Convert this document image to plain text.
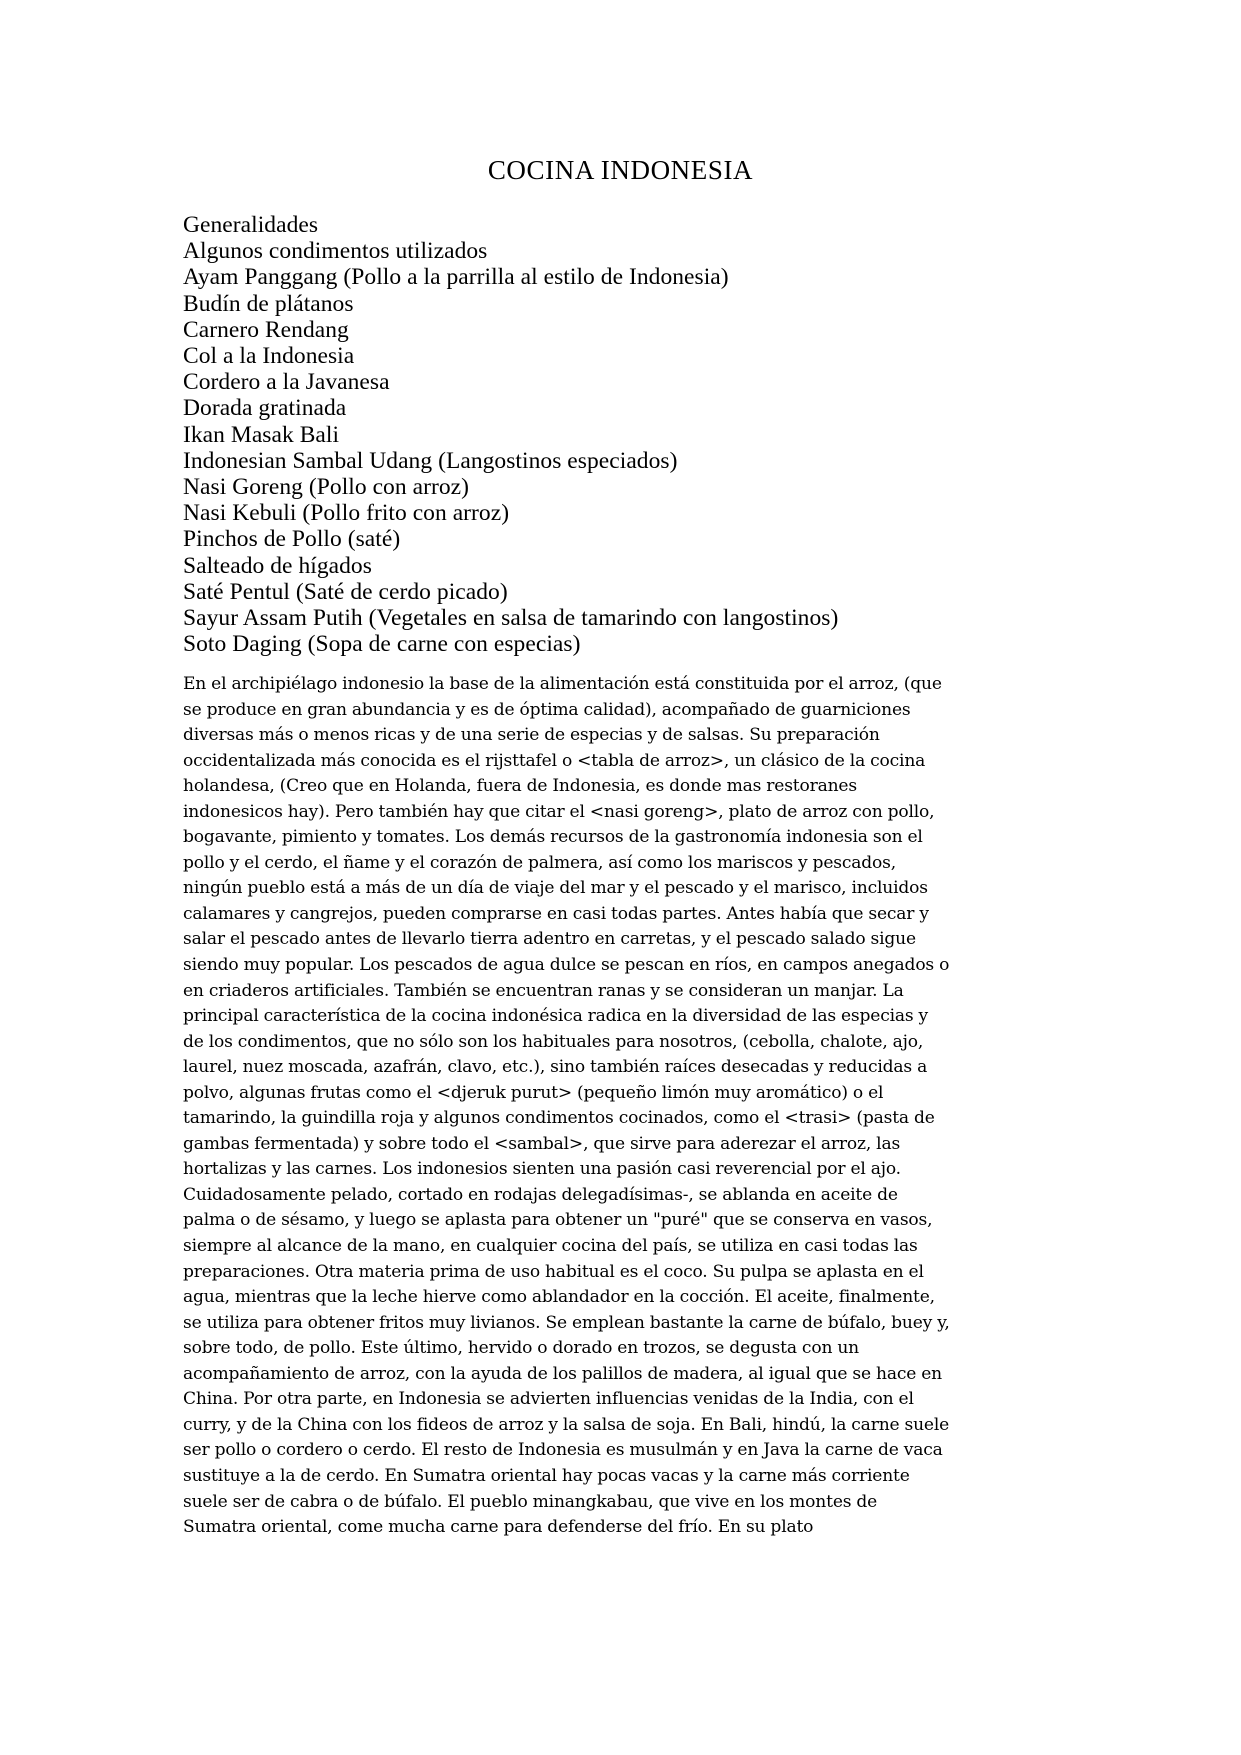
COCINA INDONESIA
Generalidades
Algunos condimentos utilizados
Ayam Panggang (Pollo a la parrilla al estilo de Indonesia)
Budín de plátanos
Carnero Rendang
Col a la Indonesia
Cordero a la Javanesa
Dorada gratinada
Ikan Masak Bali
Indonesian Sambal Udang (Langostinos especiados)
Nasi Goreng (Pollo con arroz)
Nasi Kebuli (Pollo frito con arroz)
Pinchos de Pollo (saté)
Salteado de hígados
Saté Pentul (Saté de cerdo picado)
Sayur Assam Putih (Vegetales en salsa de tamarindo con langostinos)
Soto Daging (Sopa de carne con especias)

En el archipiélago indonesio la base de la alimentación está constituida por el arroz, (que se produce en gran abundancia y es de óptima calidad), acompañado de guarniciones diversas más o menos ricas y de una serie de especias y de salsas. Su preparación occidentalizada más conocida es el rijsttafel o <tabla de arroz>, un clásico de la cocina holandesa, (Creo que en Holanda, fuera de Indonesia, es donde mas restoranes indonesicos hay). Pero también hay que citar el <nasi goreng>, plato de arroz con pollo, bogavante, pimiento y tomates. Los demás recursos de la gastronomía indonesia son el pollo y el cerdo, el ñame y el corazón de palmera, así como los mariscos y pescados, ningún pueblo está a más de un día de viaje del mar y el pescado y el marisco, incluidos calamares y cangrejos, pueden comprarse en casi todas partes. Antes había que secar y salar el pescado antes de llevarlo tierra adentro en carretas, y el pescado salado sigue siendo muy popular. Los pescados de agua dulce se pescan en ríos, en campos anegados o en criaderos artificiales. También se encuentran ranas y se consideran un manjar. La principal característica de la cocina indonésica radica en la diversidad de las especias y de los condimentos, que no sólo son los habituales para nosotros, (cebolla, chalote, ajo, laurel, nuez moscada, azafrán, clavo, etc.), sino también raíces desecadas y reducidas a polvo, algunas frutas como el <djeruk purut> (pequeño limón muy aromático) o el tamarindo, la guindilla roja y algunos condimentos cocinados, como el <trasi> (pasta de gambas fermentada) y sobre todo el <sambal>, que sirve para aderezar el arroz, las hortalizas y las carnes. Los indonesios sienten una pasión casi reverencial por el ajo. Cuidadosamente pelado, cortado en rodajas delegadísimas-, se ablanda en aceite de palma o de sésamo, y luego se aplasta para obtener un "puré" que se conserva en vasos, siempre al alcance de la mano, en cualquier cocina del país, se utiliza en casi todas las preparaciones. Otra materia prima de uso habitual es el coco. Su pulpa se aplasta en el agua, mientras que la leche hierve como ablandador en la cocción. El aceite, finalmente, se utiliza para obtener fritos muy livianos. Se emplean bastante la carne de búfalo, buey y, sobre todo, de pollo. Este último, hervido o dorado en trozos, se degusta con un acompañamiento de arroz, con la ayuda de los palillos de madera, al igual que se hace en China. Por otra parte, en Indonesia se advierten influencias venidas de la India, con el curry, y de la China con los fideos de arroz y la salsa de soja. En Bali, hindú, la carne suele ser pollo o cordero o cerdo. El resto de Indonesia es musulmán y en Java la carne de vaca sustituye a la de cerdo. En Sumatra oriental hay pocas vacas y la carne más corriente suele ser de cabra o de búfalo. El pueblo minangkabau, que vive en los montes de Sumatra oriental, come mucha carne para defenderse del frío. En su plato
